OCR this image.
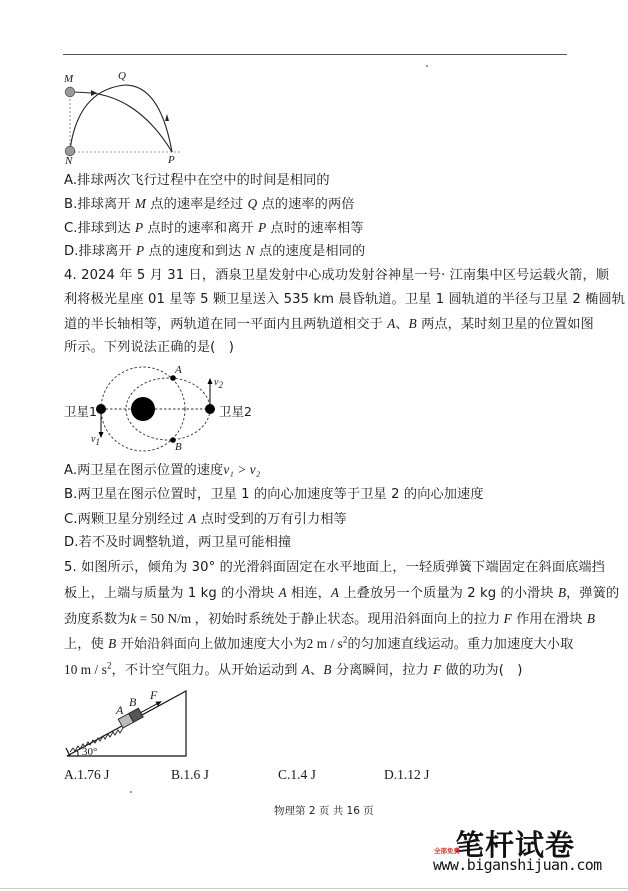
M	Q
N	P
A.排球两次飞行过程中在空中的时间是相同的
B.排球离开 M 点的速率是经过 Q 点的速率的两倍
C.排球到达 P 点时的速率和离开 P 点时的速率相等
D.排球离开 P 点的速度和到达 N 点的速度是相同的
4. 2024 年 5 月 31 日，酒泉卫星发射中心成功发射谷神星一号· 江南集中区号运载火箭，顺
利将极光星座 01 星等 5 颗卫星送入 535 km 晨昏轨道。卫星 1 圆轨道的半径与卫星 2 椭圆轨
道的半长轴相等，两轨道在同一平面内且两轨道相交于 A、B 两点，某时刻卫星的位置如图
所示。下列说法正确的是(　)
卫星1	卫星2
A
B
$v_1$
$v_2$
A.两卫星在图示位置的速度v₁ > v₂
B.两卫星在图示位置时，卫星 1 的向心加速度等于卫星 2 的向心加速度
C.两颗卫星分别经过 A 点时受到的万有引力相等
D.若不及时调整轨道，两卫星可能相撞
5. 如图所示，倾角为 30° 的光滑斜面固定在水平地面上，一轻质弹簧下端固定在斜面底端挡
板上，上端与质量为 1 kg 的小滑块 A 相连，A 上叠放另一个质量为 2 kg 的小滑块 B，弹簧的
劲度系数为k = 50 N/m ，初始时系统处于静止状态。现用沿斜面向上的拉力 F 作用在滑块 B
上，使 B 开始沿斜面向上做加速度大小为2 m / $s^2$的匀加速直线运动。重力加速度大小取
10 m / $s^2$，不计空气阻力。从开始运动到 A、B 分离瞬间，拉力 F 做的功为(　)
A
B F
30°
A.1.76 J	B.1.6 J	C.1.4 J	D.1.12 J
物理第 2 页 共 16 页
笔杆试卷
全部免费
www.biganshijuan.com
